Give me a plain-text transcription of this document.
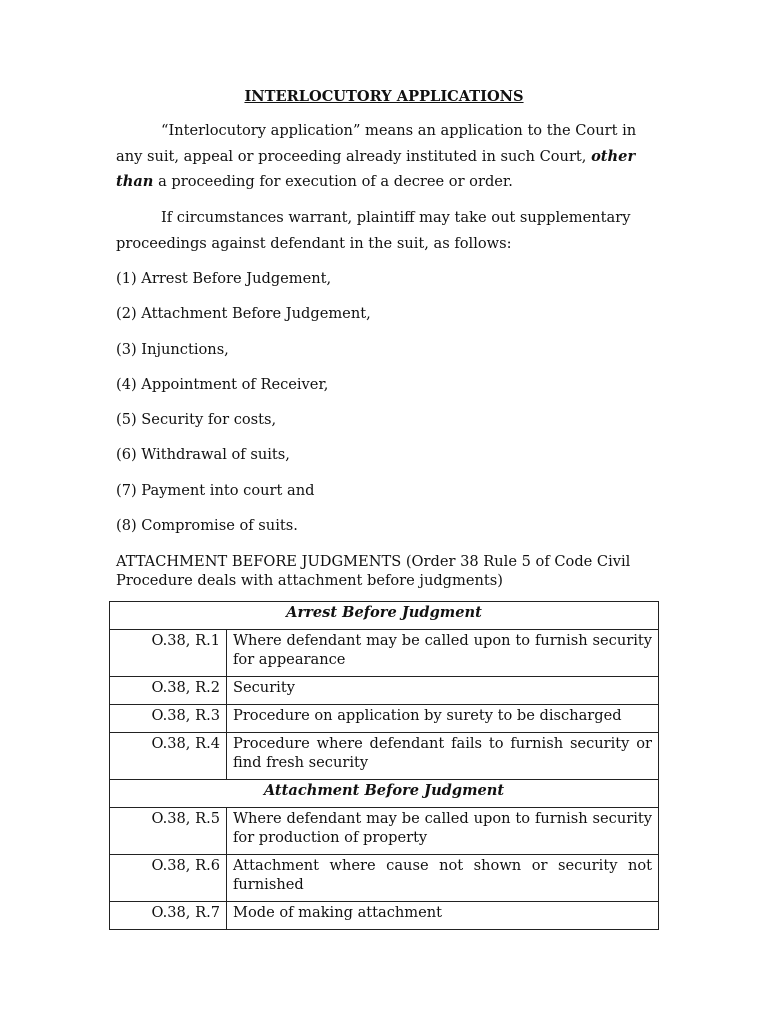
INTERLOCUTORY APPLICATIONS

“Interlocutory application” means an application to the Court in any suit, appeal or proceeding already instituted in such Court, other than a proceeding for execution of a decree or order.

If circumstances warrant, plaintiff may take out supplementary proceedings against defendant in the suit, as follows:

(1) Arrest Before Judgement,
(2) Attachment Before Judgement,
(3) Injunctions,
(4) Appointment of Receiver,
(5) Security for costs,
(6) Withdrawal of suits,
(7) Payment into court and
(8) Compromise of suits.

ATTACHMENT BEFORE JUDGMENTS (Order 38 Rule 5 of Code Civil Procedure deals with attachment before judgments)

Arrest Before Judgment	
O.38, R.1	Where defendant may be called upon to furnish security for appearance
O.38, R.2	Security
O.38, R.3	Procedure on application by surety to be discharged
O.38, R.4	Procedure where defendant fails to furnish security or find fresh security
Attachment Before Judgment	
O.38, R.5	Where defendant may be called upon to furnish security for production of property
O.38, R.6	Attachment where cause not shown or security not furnished
O.38, R.7	Mode of making attachment
